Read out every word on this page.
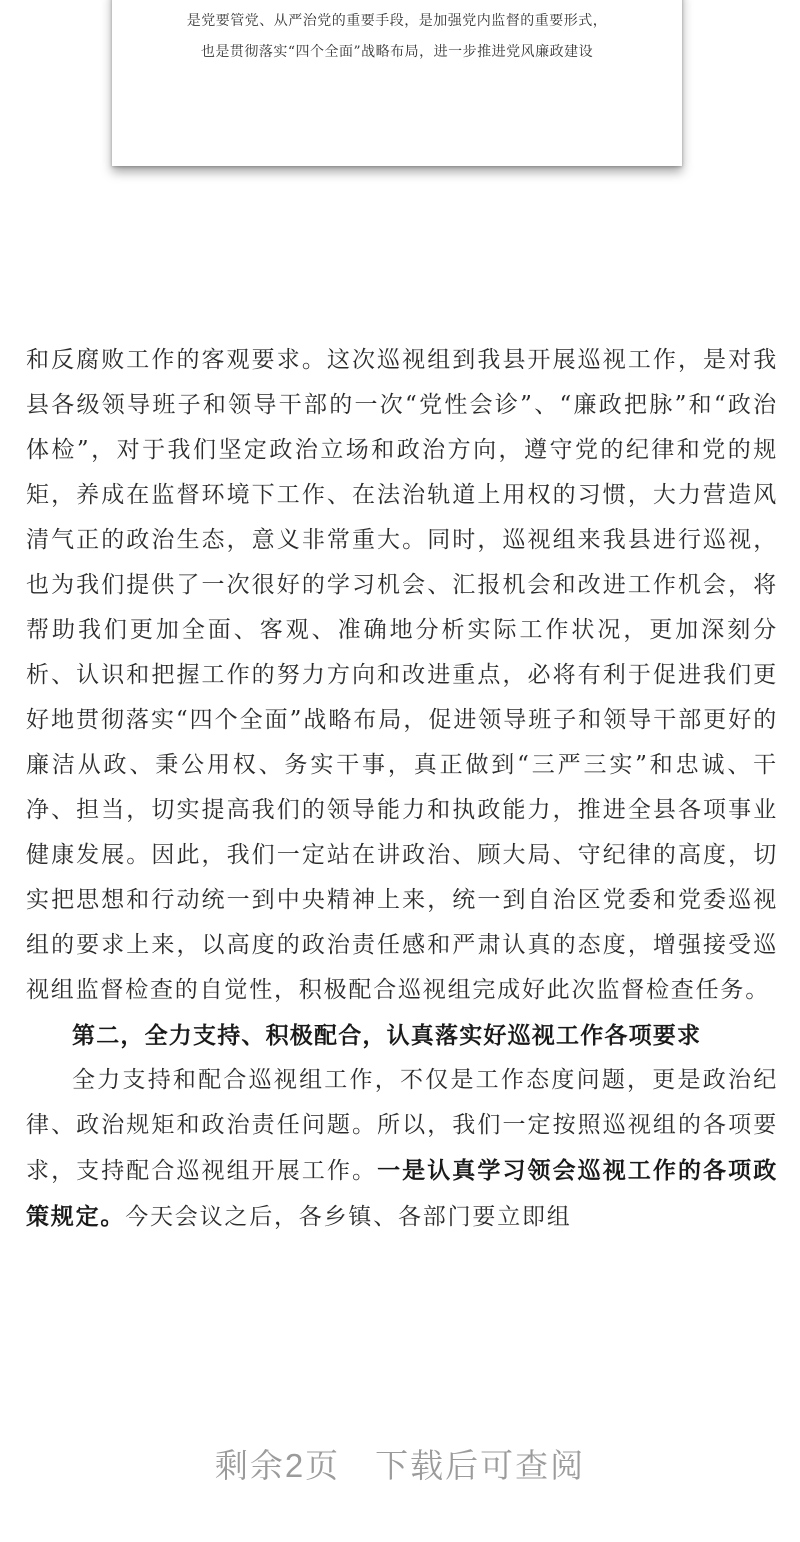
是党要管党、从严治党的重要手段，是加强党内监督的重要形式，
也是贯彻落实“四个全面”战略布局，进一步推进党风廉政建设

和反腐败工作的客观要求。这次巡视组到我县开展巡视工作，是对我县各级领导班子和领导干部的一次“党性会诊”、“廉政把脉”和“政治体检”，对于我们坚定政治立场和政治方向，遵守党的纪律和党的规矩，养成在监督环境下工作、在法治轨道上用权的习惯，大力营造风清气正的政治生态，意义非常重大。同时，巡视组来我县进行巡视，也为我们提供了一次很好的学习机会、汇报机会和改进工作机会，将帮助我们更加全面、客观、准确地分析实际工作状况，更加深刻分析、认识和把握工作的努力方向和改进重点，必将有利于促进我们更好地贯彻落实“四个全面”战略布局，促进领导班子和领导干部更好的廉洁从政、秉公用权、务实干事，真正做到“三严三实”和忠诚、干净、担当，切实提高我们的领导能力和执政能力，推进全县各项事业健康发展。因此，我们一定站在讲政治、顾大局、守纪律的高度，切实把思想和行动统一到中央精神上来，统一到自治区党委和党委巡视组的要求上来，以高度的政治责任感和严肃认真的态度，增强接受巡视组监督检查的自觉性，积极配合巡视组完成好此次监督检查任务。

第二，全力支持、积极配合，认真落实好巡视工作各项要求

全力支持和配合巡视组工作，不仅是工作态度问题，更是政治纪律、政治规矩和政治责任问题。所以，我们一定按照巡视组的各项要求，支持配合巡视组开展工作。一是认真学习领会巡视工作的各项政策规定。今天会议之后，各乡镇、各部门要立即组

剩余2页　下载后可查阅
